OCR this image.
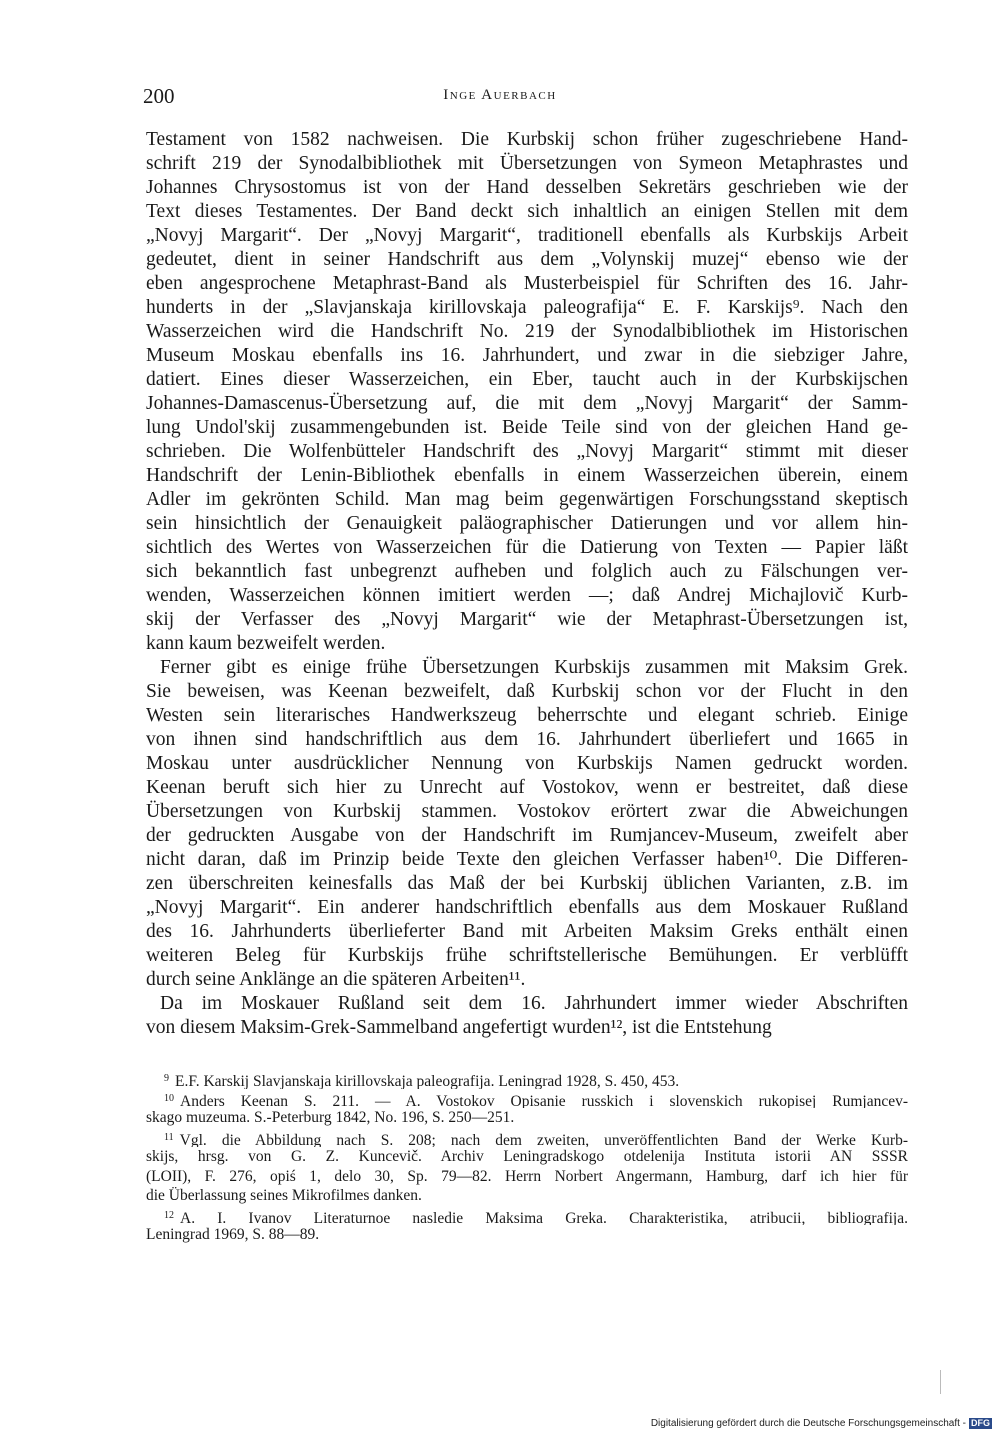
200	Inge Auerbach
Testament von 1582 nachweisen. Die Kurbskij schon früher zugeschriebene Hand-
schrift 219 der Synodalbibliothek mit Übersetzungen von Symeon Metaphrastes und
Johannes Chrysostomus ist von der Hand desselben Sekretärs geschrieben wie der
Text dieses Testamentes. Der Band deckt sich inhaltlich an einigen Stellen mit dem
„Novyj Margarit“. Der „Novyj Margarit“, traditionell ebenfalls als Kurbskijs Arbeit
gedeutet, dient in seiner Handschrift aus dem „Volynskij muzej“ ebenso wie der
eben angesprochene Metaphrast-Band als Musterbeispiel für Schriften des 16. Jahr-
hunderts in der „Slavjanskaja kirillovskaja paleografija“ E. F. Karskijs⁹. Nach den
Wasserzeichen wird die Handschrift No. 219 der Synodalbibliothek im Historischen
Museum Moskau ebenfalls ins 16. Jahrhundert, und zwar in die siebziger Jahre,
datiert. Eines dieser Wasserzeichen, ein Eber, taucht auch in der Kurbskijschen
Johannes-Damascenus-Übersetzung auf, die mit dem „Novyj Margarit“ der Samm-
lung Undol'skij zusammengebunden ist. Beide Teile sind von der gleichen Hand ge-
schrieben. Die Wolfenbütteler Handschrift des „Novyj Margarit“ stimmt mit dieser
Handschrift der Lenin-Bibliothek ebenfalls in einem Wasserzeichen überein, einem
Adler im gekrönten Schild. Man mag beim gegenwärtigen Forschungsstand skeptisch
sein hinsichtlich der Genauigkeit paläographischer Datierungen und vor allem hin-
sichtlich des Wertes von Wasserzeichen für die Datierung von Texten — Papier läßt
sich bekanntlich fast unbegrenzt aufheben und folglich auch zu Fälschungen ver-
wenden, Wasserzeichen können imitiert werden —; daß Andrej Michajlovič Kurb-
skij der Verfasser des „Novyj Margarit“ wie der Metaphrast-Übersetzungen ist,
kann kaum bezweifelt werden.
Ferner gibt es einige frühe Übersetzungen Kurbskijs zusammen mit Maksim Grek.
Sie beweisen, was Keenan bezweifelt, daß Kurbskij schon vor der Flucht in den
Westen sein literarisches Handwerkszeug beherrschte und elegant schrieb. Einige
von ihnen sind handschriftlich aus dem 16. Jahrhundert überliefert und 1665 in
Moskau unter ausdrücklicher Nennung von Kurbskijs Namen gedruckt worden.
Keenan beruft sich hier zu Unrecht auf Vostokov, wenn er bestreitet, daß diese
Übersetzungen von Kurbskij stammen. Vostokov erörtert zwar die Abweichungen
der gedruckten Ausgabe von der Handschrift im Rumjancev-Museum, zweifelt aber
nicht daran, daß im Prinzip beide Texte den gleichen Verfasser haben¹⁰. Die Differen-
zen überschreiten keinesfalls das Maß der bei Kurbskij üblichen Varianten, z.B. im
„Novyj Margarit“. Ein anderer handschriftlich ebenfalls aus dem Moskauer Rußland
des 16. Jahrhunderts überlieferter Band mit Arbeiten Maksim Greks enthält einen
weiteren Beleg für Kurbskijs frühe schriftstellerische Bemühungen. Er verblüfft
durch seine Anklänge an die späteren Arbeiten¹¹.
Da im Moskauer Rußland seit dem 16. Jahrhundert immer wieder Abschriften
von diesem Maksim-Grek-Sammelband angefertigt wurden¹², ist die Entstehung
$^9$ E.F. Karskij Slavjanskaja kirillovskaja paleografija. Leningrad 1928, S. 450, 453.
$^{10}$ Anders Keenan S. 211. — A. Vostokov Opisanie russkich i slovenskich rukopisej Rumjancev-
skago muzeuma. S.-Peterburg 1842, No. 196, S. 250—251.
$^{11}$ Vgl. die Abbildung nach S. 208; nach dem zweiten, unveröffentlichten Band der Werke Kurb-
skijs, hrsg. von G. Z. Kuncevič. Archiv Leningradskogo otdelenija Instituta istorii AN SSSR
(LOII), F. 276, opiś 1, delo 30, Sp. 79—82. Herrn Norbert Angermann, Hamburg, darf ich hier für
die Überlassung seines Mikrofilmes danken.
$^{12}$ A. I. Ivanov Literaturnoe nasledie Maksima Greka. Charakteristika, atribucii, bibliografija.
Leningrad 1969, S. 88—89.
Digitalisierung gefördert durch die Deutsche Forschungsgemeinschaft - DFG
